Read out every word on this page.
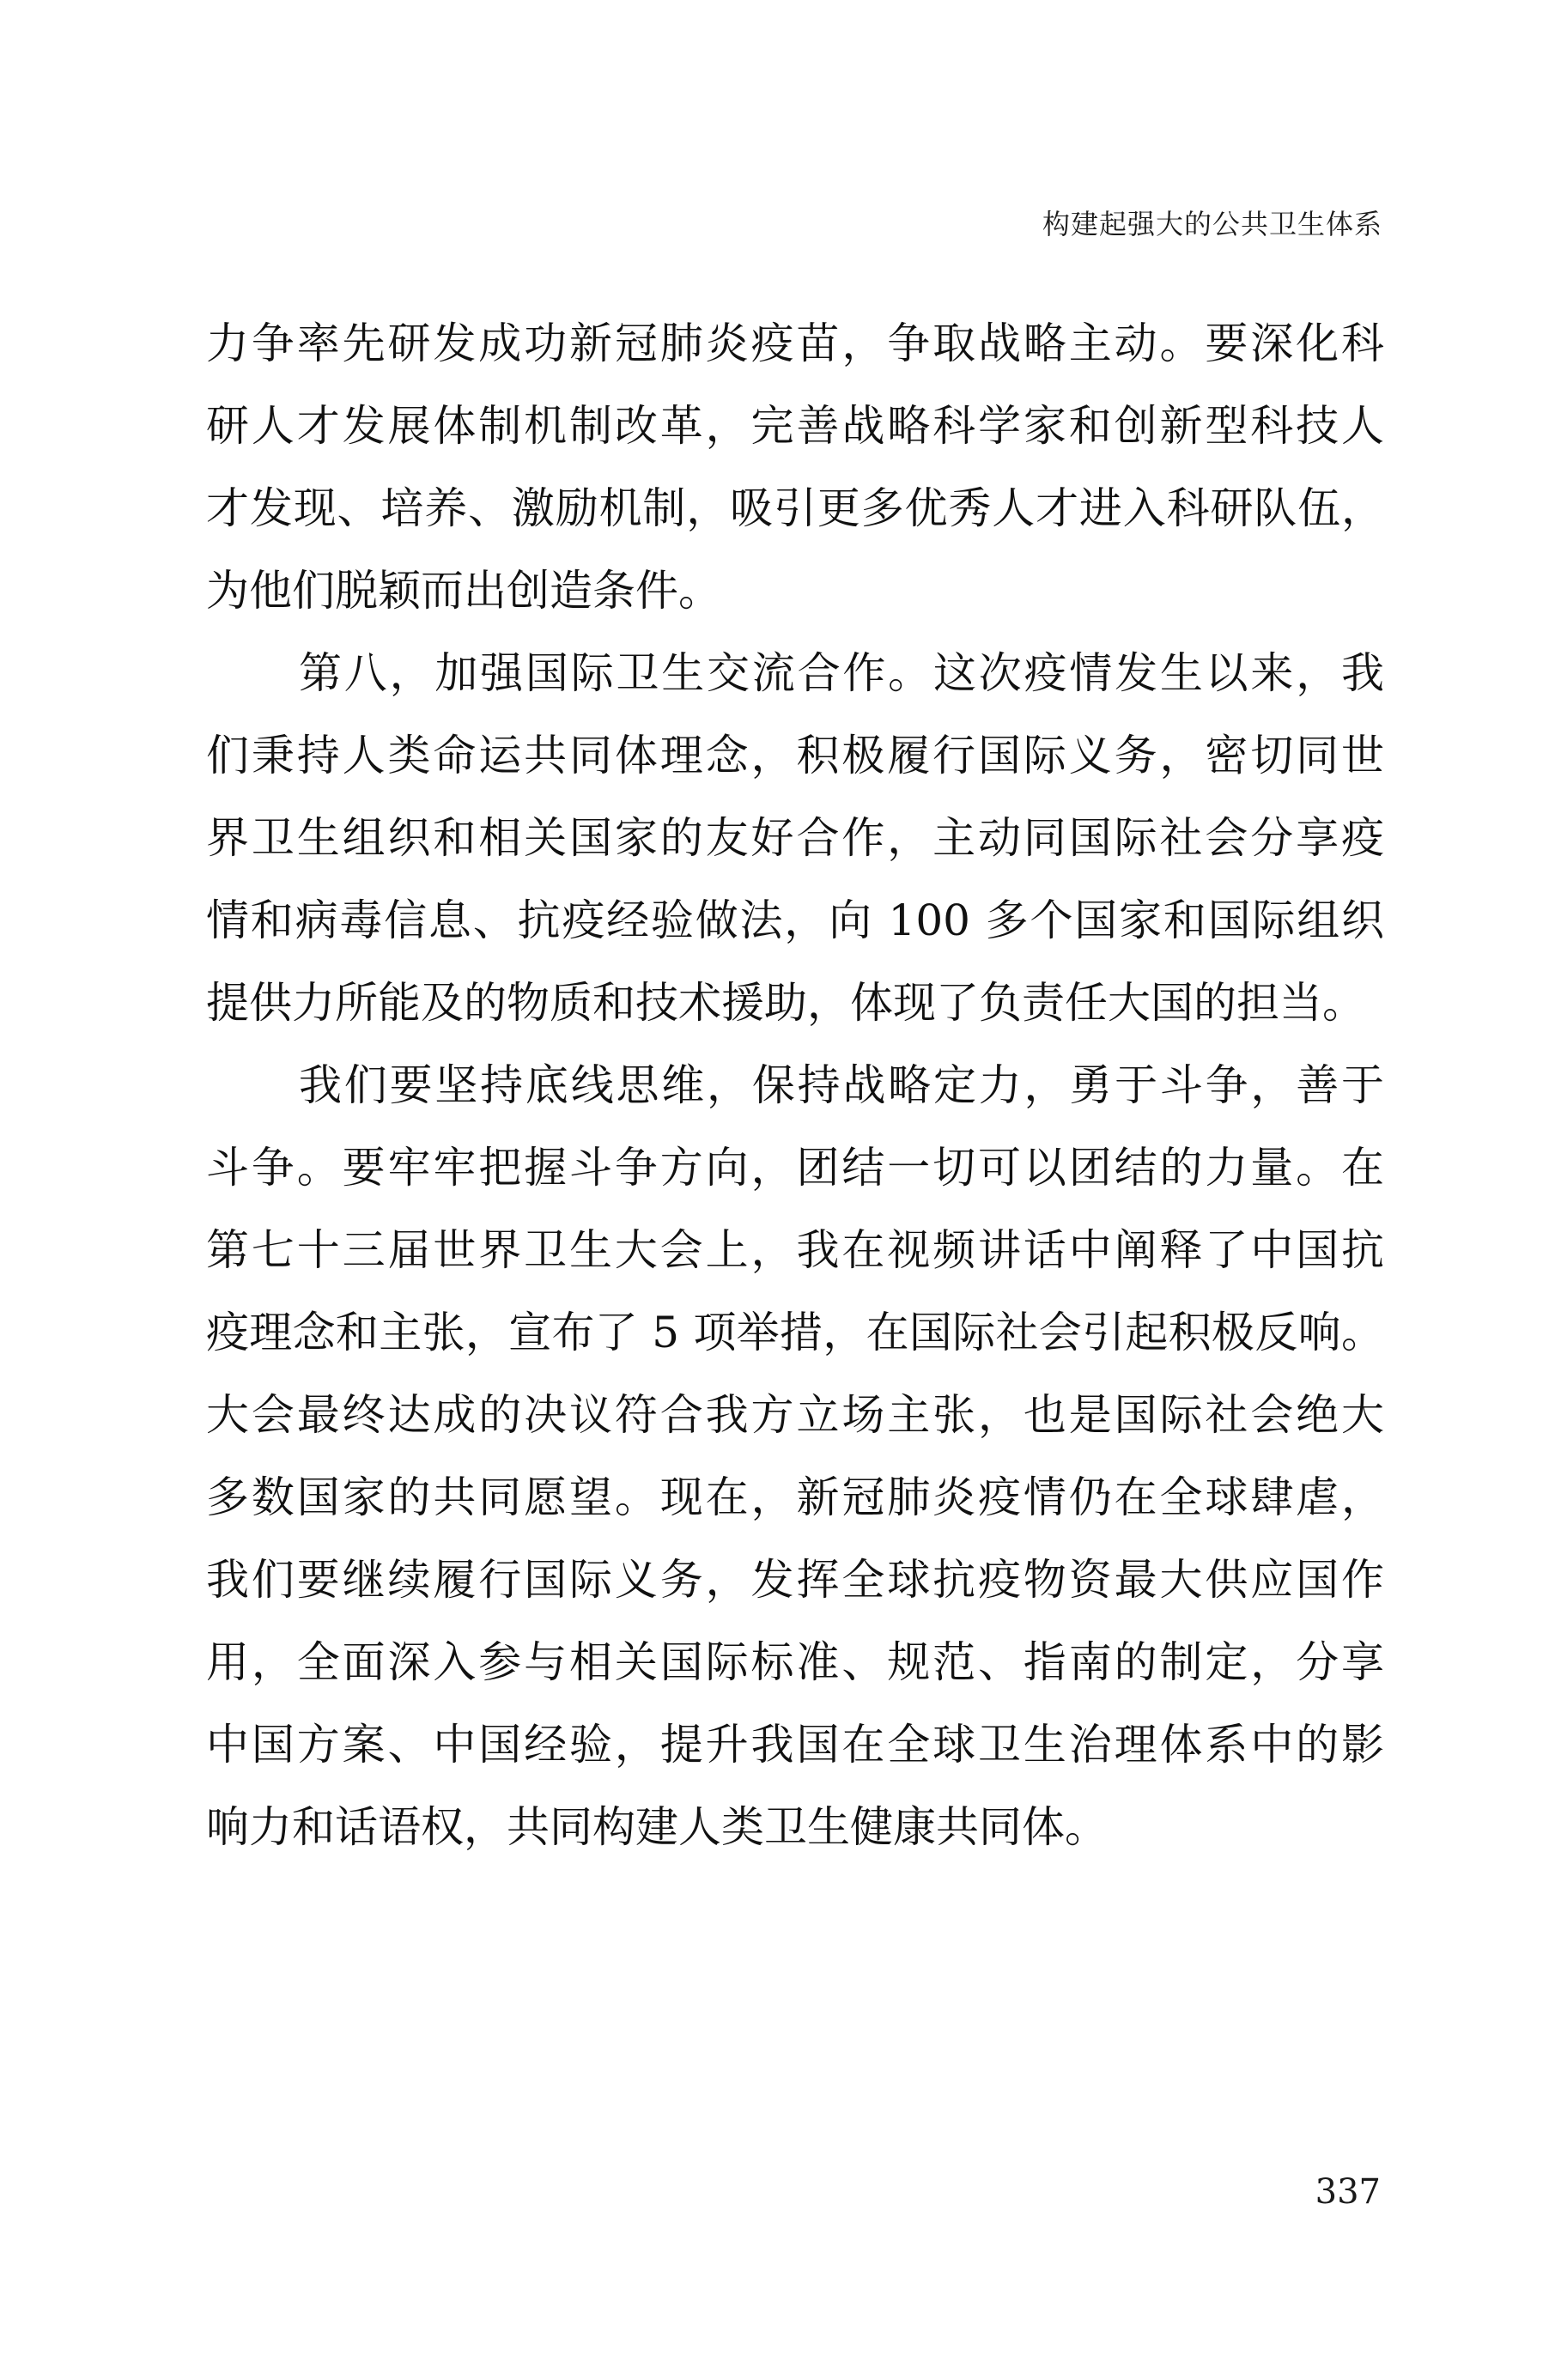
构建起强大的公共卫生体系
力争率先研发成功新冠肺炎疫苗，争取战略主动。要深化科
研人才发展体制机制改革，完善战略科学家和创新型科技人
才发现、培养、激励机制，吸引更多优秀人才进入科研队伍，
为他们脱颖而出创造条件。
第八，加强国际卫生交流合作。这次疫情发生以来，我
们秉持人类命运共同体理念，积极履行国际义务，密切同世
界卫生组织和相关国家的友好合作，主动同国际社会分享疫
情和病毒信息、抗疫经验做法，向 100 多个国家和国际组织
提供力所能及的物质和技术援助，体现了负责任大国的担当。
我们要坚持底线思维，保持战略定力，勇于斗争，善于
斗争。要牢牢把握斗争方向，团结一切可以团结的力量。在
第七十三届世界卫生大会上，我在视频讲话中阐释了中国抗
疫理念和主张，宣布了 5 项举措，在国际社会引起积极反响。
大会最终达成的决议符合我方立场主张，也是国际社会绝大
多数国家的共同愿望。现在，新冠肺炎疫情仍在全球肆虐，
我们要继续履行国际义务，发挥全球抗疫物资最大供应国作
用，全面深入参与相关国际标准、规范、指南的制定，分享
中国方案、中国经验，提升我国在全球卫生治理体系中的影
响力和话语权，共同构建人类卫生健康共同体。
337
